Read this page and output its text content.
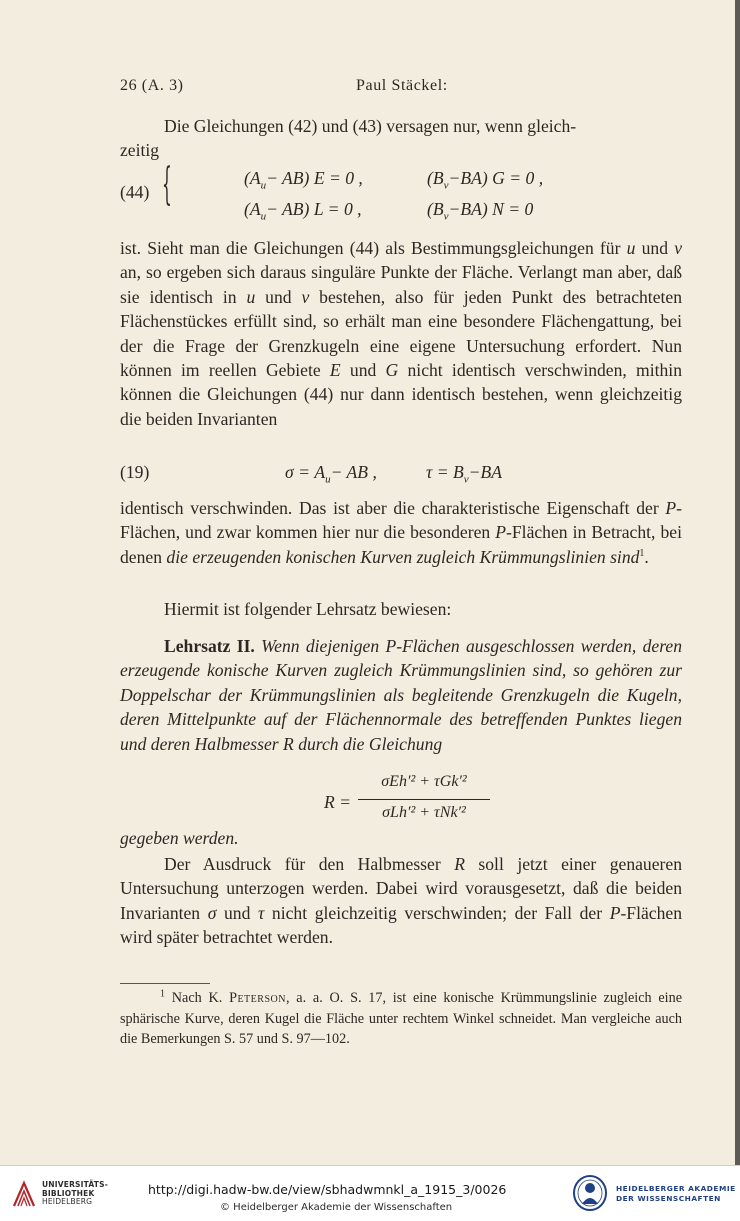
26 (A. 3)	Paul Stäckel:

Die Gleichungen (42) und (43) versagen nur, wenn gleich-
zeitig

(44) {	$(A_u- AB) E = 0$ ,	$(B_v-BA) G = 0$ ,
$(A_u- AB) L = 0$ ,	$(B_v-BA) N = 0$

ist. Sieht man die Gleichungen (44) als Bestimmungsgleichungen für u und v an, so ergeben sich daraus singuläre Punkte der Fläche. Verlangt man aber, daß sie identisch in u und v bestehen, also für jeden Punkt des betrachteten Flächenstückes erfüllt sind, so erhält man eine besondere Flächengattung, bei der die Frage der Grenzkugeln eine eigene Untersuchung erfordert. Nun können im reellen Gebiete E und G nicht identisch verschwinden, mithin können die Gleichungen (44) nur dann identisch bestehen, wenn gleichzeitig die beiden Invarianten

(19)	$\sigma = A_u-$ AB ,	$\tau = B_v-BA$

identisch verschwinden. Das ist aber die charakteristische Eigenschaft der P-Flächen, und zwar kommen hier nur die besonderen P-Flächen in Betracht, bei denen die erzeugenden konischen Kurven zugleich Krümmungslinien sind$^1$.

Hiermit ist folgender Lehrsatz bewiesen:

Lehrsatz II. Wenn diejenigen P-Flächen ausgeschlossen werden, deren erzeugende konische Kurven zugleich Krümmungslinien sind, so gehören zur Doppelschar der Krümmungslinien als begleitende Grenzkugeln die Kugeln, deren Mittelpunkte auf der Flächennormale des betreffenden Punktes liegen und deren Halbmesser R durch die Gleichung

R =
σEh′² + τGk′²
σLh′² + τNk′²

gegeben werden.

Der Ausdruck für den Halbmesser R soll jetzt einer genaueren Untersuchung unterzogen werden. Dabei wird vorausgesetzt, daß die beiden Invarianten σ und τ nicht gleichzeitig verschwinden; der Fall der P-Flächen wird später betrachtet werden.

$^1$ Nach K. Peterson, a. a. O. S. 17, ist eine konische Krümmungslinie zugleich eine sphärische Kurve, deren Kugel die Fläche unter rechtem Winkel schneidet. Man vergleiche auch die Bemerkungen S. 57 und S. 97—102.

UNIVERSITÄTS-
BIBLIOTHEK
HEIDELBERG
http://digi.hadw-bw.de/view/sbhadwmnkl_a_1915_3/0026
© Heidelberger Akademie der Wissenschaften
HEIDELBERGER AKADEMIE
DER WISSENSCHAFTEN
